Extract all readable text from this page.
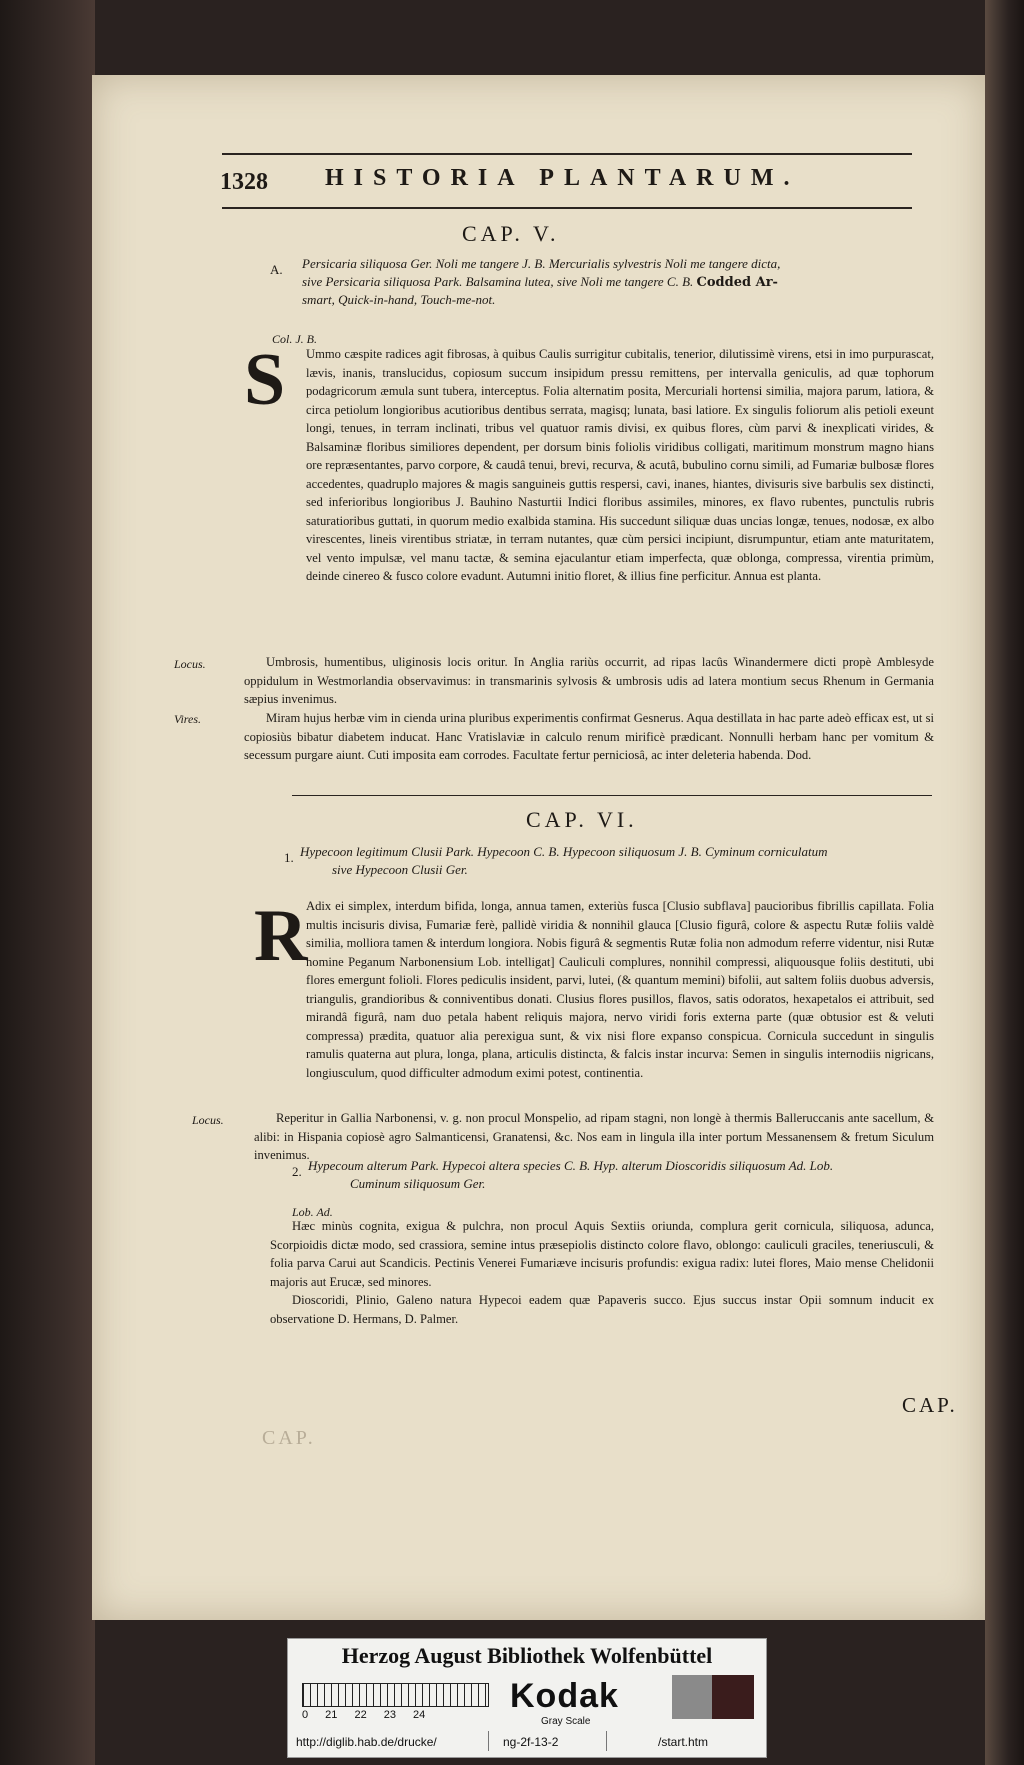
1328 HISTORIA PLANTARUM.
CAP. V.
A. Persicaria siliquosa Ger. Noli me tangere J. B. Mercurialis sylvestris Noli me tangere dicta,
sive Persicaria siliquosa Park. Balsamina lutea, sive Noli me tangere C. B. Codded Ar-
smart, Quick-in-hand, Touch-me-not.
Col. J. B.
S	Ummo cæspite radices agit fibrosas, à quibus Caulis surrigitur cubitalis, tenerior, dilutissimè virens, etsi in imo purpurascat, lævis, inanis, translucidus, copiosum succum insipidum pressu remittens, per intervalla geniculis, ad quæ tophorum podagricorum æmula sunt tubera, interceptus. Folia alternatim posita, Mercuriali hortensi similia, majora parum, latiora, & circa petiolum longioribus acutioribus dentibus serrata, magisq; lunata, basi latiore. Ex singulis foliorum alis petioli exeunt longi, tenues, in terram inclinati, tribus vel quatuor ramis divisi, ex quibus flores, cùm parvi & inexplicati virides, & Balsaminæ floribus similiores dependent, per dorsum binis foliolis viridibus colligati, maritimum monstrum magno hians ore repræsentantes, parvo corpore, & caudâ tenui, brevi, recurva, & acutâ, bubulino cornu simili, ad Fumariæ bulbosæ flores accedentes, quadruplo majores & magis sanguineis guttis respersi, cavi, inanes, hiantes, divisuris sive barbulis sex distincti, sed inferioribus longioribus J. Bauhino Nasturtii Indici floribus assimiles, minores, ex flavo rubentes, punctulis rubris saturatioribus guttati, in quorum medio exalbida stamina. His succedunt siliquæ duas uncias longæ, tenues, nodosæ, ex albo virescentes, lineis virentibus striatæ, in terram nutantes, quæ cùm persici incipiunt, disrumpuntur, etiam ante maturitatem, vel vento impulsæ, vel manu tactæ, & semina ejaculantur etiam imperfecta, quæ oblonga, compressa, virentia primùm, deinde cinereo & fusco colore evadunt. Autumni initio floret, & illius fine perficitur. Annua est planta.

Locus.	Umbrosis, humentibus, uliginosis locis oritur. In Anglia rariùs occurrit, ad ripas lacûs Winandermere dicti propè Amblesyde oppidulum in Westmorlandia observavimus: in transmarinis sylvosis & umbrosis udis ad latera montium secus Rhenum in Germania sæpius invenimus.

Vires.	Miram hujus herbæ vim in cienda urina pluribus experimentis confirmat Gesnerus. Aqua destillata in hac parte adeò efficax est, ut si copiosiùs bibatur diabetem inducat. Hanc Vratislaviæ in calculo renum mirificè prædicant. Nonnulli herbam hanc per vomitum & secessum purgare aiunt. Cuti imposita eam corrodes. Facultate fertur perniciosâ, ac inter deleteria habenda. Dod.

CAP. VI.
1. Hypecoon legitimum Clusii Park. Hypecoon C. B. Hypecoon siliquosum J. B. Cyminum corniculatum
sive Hypecoon Clusii Ger.
R

Adix ei simplex, interdum bifida, longa, annua tamen, exteriùs fusca [Clusio subflava] paucioribus fibrillis capillata. Folia multis incisuris divisa, Fumariæ ferè, pallidè viridia & nonnihil glauca [Clusio figurâ, colore & aspectu Rutæ foliis valdè similia, molliora tamen & interdum longiora. Nobis figurâ & segmentis Rutæ folia non admodum referre videntur, nisi Rutæ nomine Peganum Narbonensium Lob. intelligat] Cauliculi complures, nonnihil compressi, aliquousque foliis destituti, ubi flores emergunt folioli. Flores pediculis insident, parvi, lutei, (& quantum memini) bifolii, aut saltem foliis duobus adversis, triangulis, grandioribus & conniventibus donati. Clusius flores pusillos, flavos, satis odoratos, hexapetalos ei attribuit, sed mirandâ figurâ, nam duo petala habent reliquis majora, nervo viridi foris externa parte (quæ obtusior est & veluti compressa) prædita, quatuor alia perexigua sunt, & vix nisi flore expanso conspicua. Cornicula succedunt in singulis ramulis quaterna aut plura, longa, plana, articulis distincta, & falcis instar incurva: Semen in singulis internodiis nigricans, longiusculum, quod difficulter admodum eximi potest, continentia.

Locus.	Reperitur in Gallia Narbonensi, v. g. non procul Monspelio, ad ripam stagni, non longè à thermis Balleruccanis ante sacellum, & alibi: in Hispania copiosè agro Salmanticensi, Granatensi, &c. Nos eam in lingula illa inter portum Messanensem & fretum Siculum invenimus.

2. Hypecoum alterum Park. Hypecoi altera species C. B. Hyp. alterum Dioscoridis siliquosum Ad. Lob.
Cuminum siliquosum Ger.
Lob. Ad.

Hæc minùs cognita, exigua & pulchra, non procul Aquis Sextiis oriunda, complura gerit cornicula, siliquosa, adunca, Scorpioidis dictæ modo, sed crassiora, semine intus præsepiolis distincto colore flavo, oblongo: cauliculi graciles, teneriusculi, & folia parva Carui aut Scandicis. Pectinis Venerei Fumariæve incisuris profundis: exigua radix: lutei flores, Maio mense Chelidonii majoris aut Erucæ, sed minores.

Dioscoridi, Plinio, Galeno natura Hypecoi eadem quæ Papaveris succo. Ejus succus instar Opii somnum inducit ex observatione D. Hermans, D. Palmer.

CAP.
CAP.
Herzog August Bibliothek Wolfenbüttel
0 21 22 23 24 Kodak
Gray Scale
http://diglib.hab.de/drucke/	ng-2f-13-2	/start.htm
